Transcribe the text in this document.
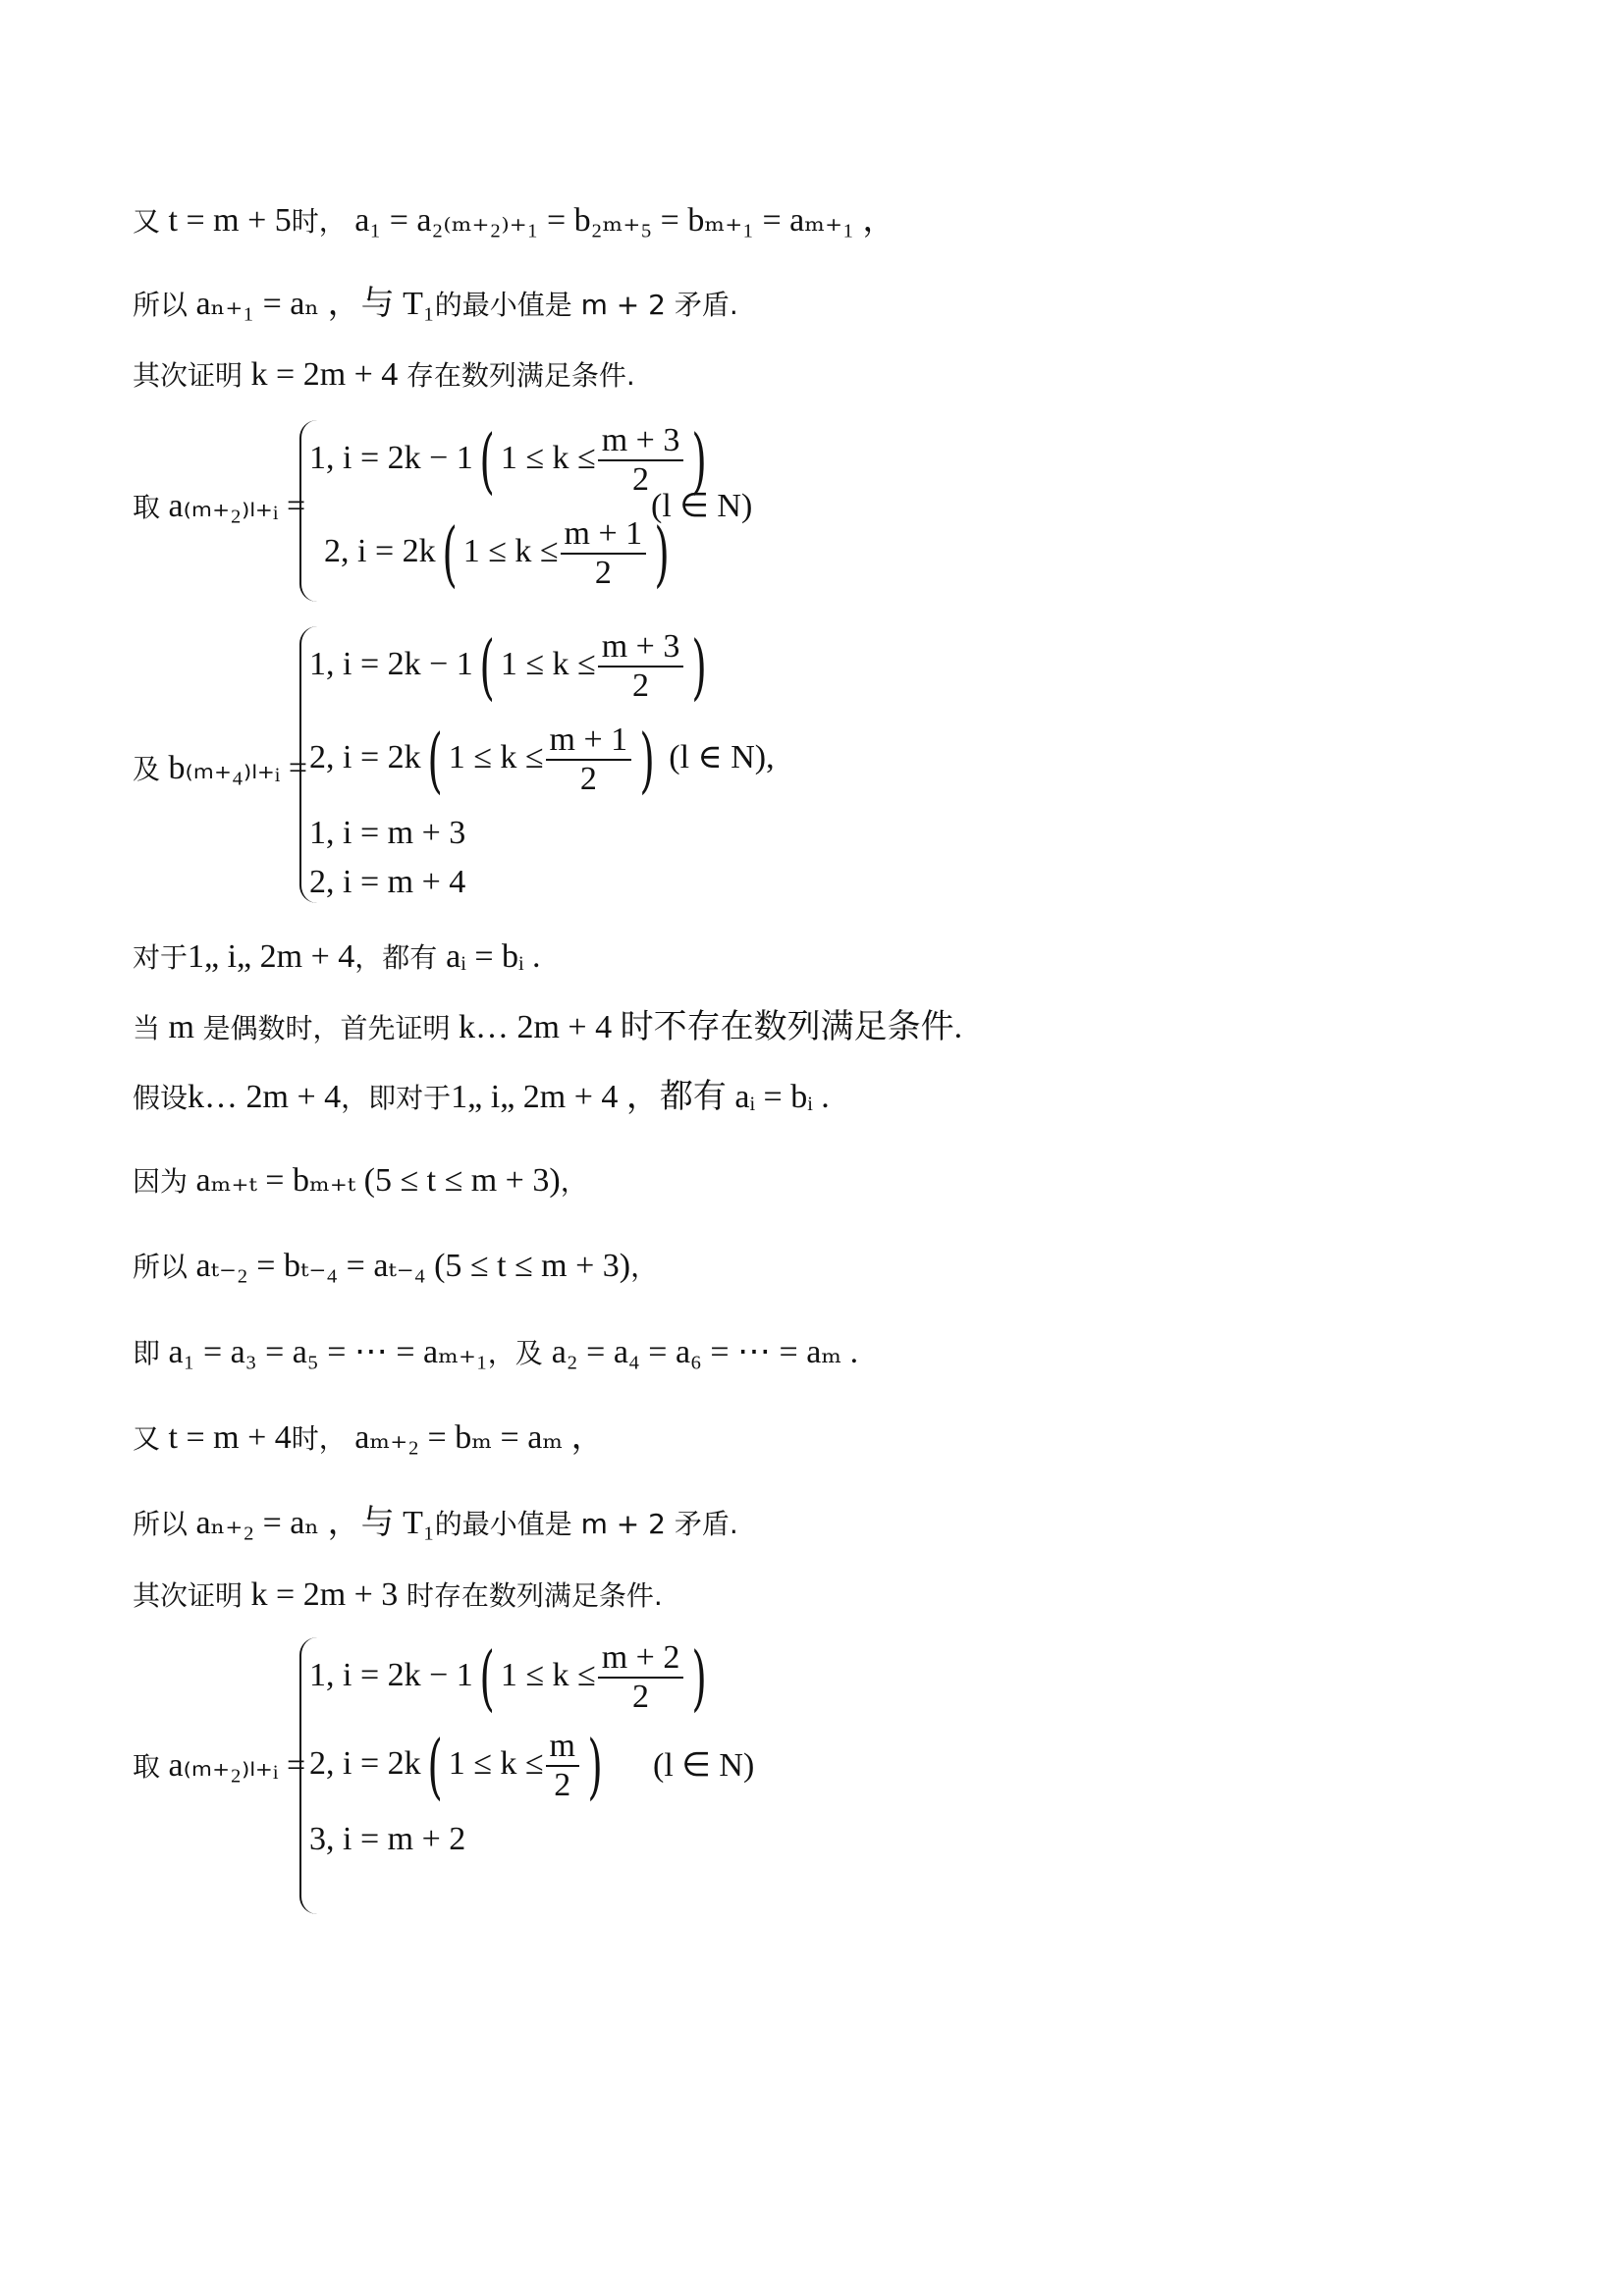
又 t = m + 5时， a₁ = a₂₍ₘ₊₂₎₊₁ = b₂ₘ₊₅ = bₘ₊₁ = aₘ₊₁ ，
所以 aₙ₊₁ = aₙ ，与 T₁的最小值是 m + 2 矛盾.
其次证明 k = 2m + 4 存在数列满足条件.
取 a₍ₘ₊₂₎ₗ₊ᵢ =
1, i = 2k − 1( $1 \le k \le \frac{m + 3}{2}$ )
2, i = 2k( $1 \le k \le \frac{m + 1}{2}$ )
(l ∈ N)
及 b₍ₘ₊₄₎ₗ₊ᵢ =
1, i = 2k − 1( $1 \le k \le \frac{m + 3}{2}$ )
2, i = 2k( $1 \le k \le \frac{m + 1}{2}$ ) (l ∈ N),
1, i = m + 3
2, i = m + 4
对于1„ i„ 2m + 4，都有 aᵢ = bᵢ .
当 m 是偶数时，首先证明 k… 2m + 4 时不存在数列满足条件.
假设k… 2m + 4，即对于1„ i„ 2m + 4 ，都有 aᵢ = bᵢ .
因为 aₘ₊ₜ = bₘ₊ₜ (5 ≤ t ≤ m + 3)，
所以 aₜ₋₂ = bₜ₋₄ = aₜ₋₄ (5 ≤ t ≤ m + 3)，
即 a₁ = a₃ = a₅ = ⋯ = aₘ₊₁，及 a₂ = a₄ = a₆ = ⋯ = aₘ .
又 t = m + 4时， aₘ₊₂ = bₘ = aₘ ，
所以 aₙ₊₂ = aₙ ，与 T₁的最小值是 m + 2 矛盾.
其次证明 k = 2m + 3 时存在数列满足条件.
取 a₍ₘ₊₂₎ₗ₊ᵢ =
1, i = 2k − 1( $1 \le k \le \frac{m + 2}{2}$ )
2, i = 2k( $1 \le k \le \frac{m}{2}$ )
3, i = m + 2
(l ∈ N)
